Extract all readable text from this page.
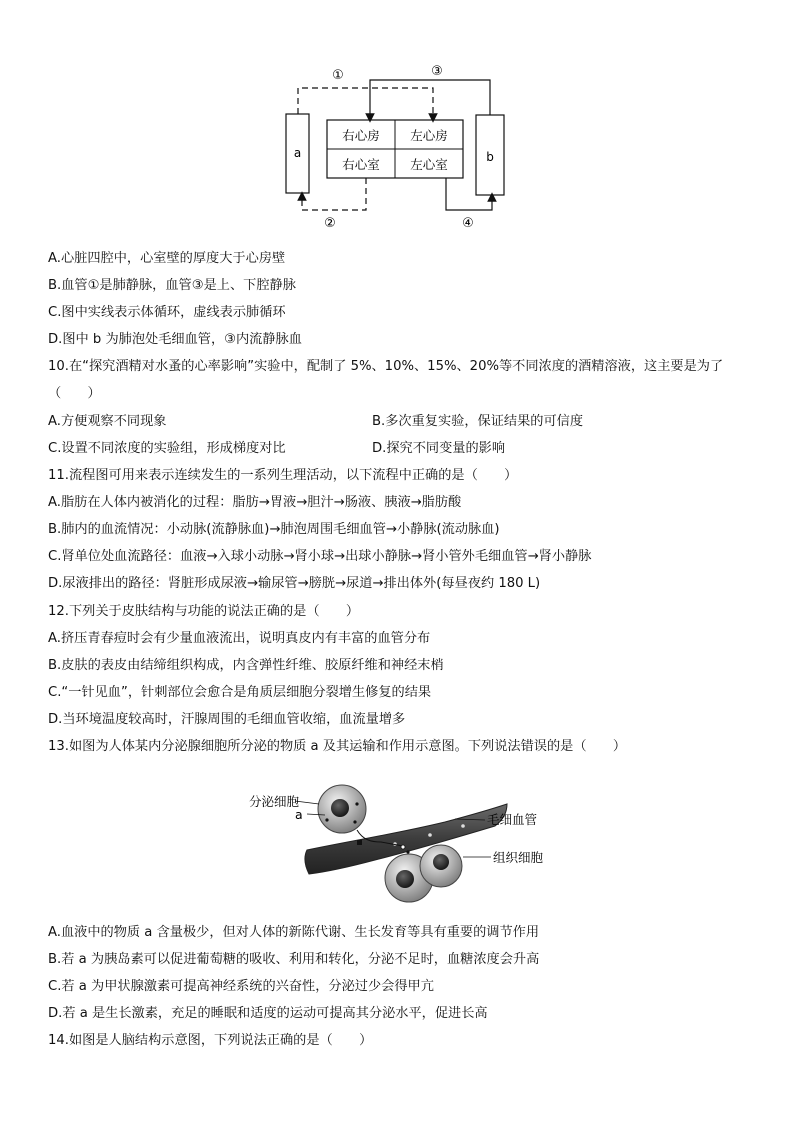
a	b
右心房 左心房
右心室 左心室
①	③
②	④
A.心脏四腔中，心室壁的厚度大于心房壁
B.血管①是肺静脉，血管③是上、下腔静脉
C.图中实线表示体循环，虚线表示肺循环
D.图中 b 为肺泡处毛细血管，③内流静脉血
10.在“探究酒精对水蚤的心率影响”实验中，配制了 5%、10%、15%、20%等不同浓度的酒精溶液，这主要是为了
（　　）
A.方便观察不同现象	B.多次重复实验，保证结果的可信度
C.设置不同浓度的实验组，形成梯度对比	D.探究不同变量的影响
11.流程图可用来表示连续发生的一系列生理活动，以下流程中正确的是（　　）
A.脂肪在人体内被消化的过程：脂肪→胃液→胆汁→肠液、胰液→脂肪酸
B.肺内的血流情况：小动脉(流静脉血)→肺泡周围毛细血管→小静脉(流动脉血)
C.肾单位处血流路径：血液→入球小动脉→肾小球→出球小静脉→肾小管外毛细血管→肾小静脉
D.尿液排出的路径：肾脏形成尿液→输尿管→膀胱→尿道→排出体外(每昼夜约 180 L)
12.下列关于皮肤结构与功能的说法正确的是（　　）
A.挤压青春痘时会有少量血液流出，说明真皮内有丰富的血管分布
B.皮肤的表皮由结缔组织构成，内含弹性纤维、胶原纤维和神经末梢
C.“一针见血”，针刺部位会愈合是角质层细胞分裂增生修复的结果
D.当环境温度较高时，汗腺周围的毛细血管收缩，血流量增多
13.如图为人体某内分泌腺细胞所分泌的物质 a 及其运输和作用示意图。下列说法错误的是（　　）
分泌细胞
a	毛细血管
组织细胞
A.血液中的物质 a 含量极少，但对人体的新陈代谢、生长发育等具有重要的调节作用
B.若 a 为胰岛素可以促进葡萄糖的吸收、利用和转化，分泌不足时，血糖浓度会升高
C.若 a 为甲状腺激素可提高神经系统的兴奋性，分泌过少会得甲亢
D.若 a 是生长激素，充足的睡眠和适度的运动可提高其分泌水平，促进长高
14.如图是人脑结构示意图，下列说法正确的是（　　）
